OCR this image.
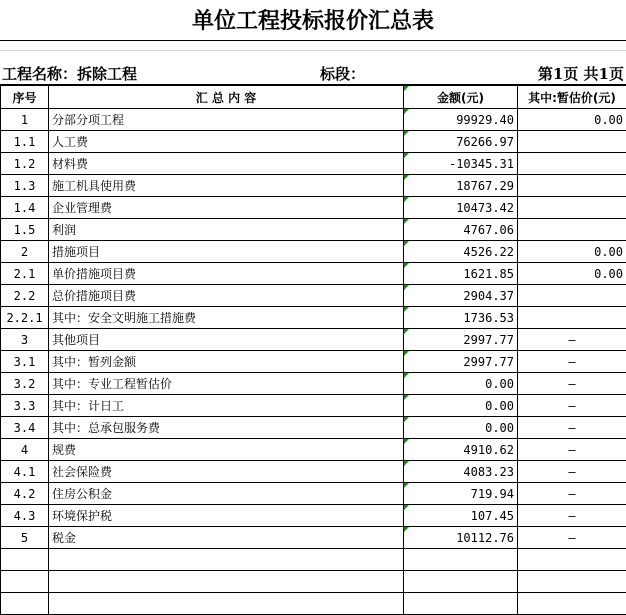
单位工程投标报价汇总表
工程名称：拆除工程	标段：	第1页 共1页
序号	汇 总 内 容	金额(元)	其中:暂估价(元)
1	分部分项工程	99929.40	0.00
1.1	人工费	76266.97	
1.2	材料费	-10345.31	
1.3	施工机具使用费	18767.29	
1.4	企业管理费	10473.42	
1.5	利润	4767.06	
2	措施项目	4526.22	0.00
2.1	单价措施项目费	1621.85	0.00
2.2	总价措施项目费	2904.37	
2.2.1	其中：安全文明施工措施费	1736.53	
3	其他项目	2997.77	—
3.1	其中：暂列金额	2997.77	—
3.2	其中：专业工程暂估价	0.00	—
3.3	其中：计日工	0.00	—
3.4	其中：总承包服务费	0.00	—
4	规费	4910.62	—
4.1	社会保险费	4083.23	—
4.2	住房公积金	719.94	—
4.3	环境保护税	107.45	—
5	税金	10112.76	—
